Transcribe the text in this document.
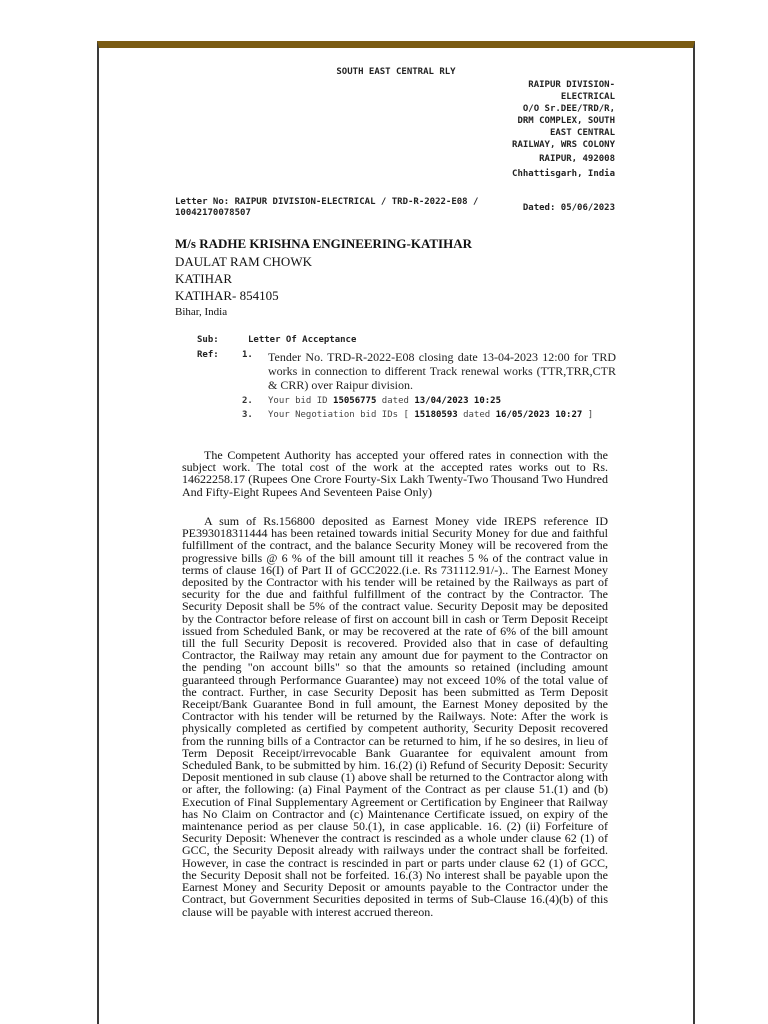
SOUTH EAST CENTRAL RLY
RAIPUR DIVISION-
ELECTRICAL
O/O Sr.DEE/TRD/R,
DRM COMPLEX, SOUTH
EAST CENTRAL
RAILWAY, WRS COLONY
RAIPUR, 492008
Chhattisgarh, India
Letter No: RAIPUR DIVISION-ELECTRICAL / TRD-R-2022-E08 / 10042170078507	Dated: 05/06/2023
M/s RADHE KRISHNA ENGINEERING-KATIHAR
DAULAT RAM CHOWK
KATIHAR
KATIHAR- 854105
Bihar, India
Sub:	Letter Of Acceptance
Ref:	1. Tender No. TRD-R-2022-E08 closing date 13-04-2023 12:00 for TRD works in connection to different Track renewal works (TTR,TRR,CTR & CRR) over Raipur division.
2. Your bid ID 15056775 dated 13/04/2023 10:25
3. Your Negotiation bid IDs [ 15180593 dated 16/05/2023 10:27 ]
The Competent Authority has accepted your offered rates in connection with the subject work. The total cost of the work at the accepted rates works out to Rs. 14622258.17 (Rupees One Crore Fourty-Six Lakh Twenty-Two Thousand Two Hundred And Fifty-Eight Rupees And Seventeen Paise Only)
A sum of Rs.156800 deposited as Earnest Money vide IREPS reference ID PE393018311444 has been retained towards initial Security Money for due and faithful fulfillment of the contract, and the balance Security Money will be recovered from the progressive bills @ 6 % of the bill amount till it reaches 5 % of the contract value in terms of clause 16(I) of Part II of GCC2022.(i.e. Rs 731112.91/-).. The Earnest Money deposited by the Contractor with his tender will be retained by the Railways as part of security for the due and faithful fulfillment of the contract by the Contractor. The Security Deposit shall be 5% of the contract value. Security Deposit may be deposited by the Contractor before release of first on account bill in cash or Term Deposit Receipt issued from Scheduled Bank, or may be recovered at the rate of 6% of the bill amount till the full Security Deposit is recovered. Provided also that in case of defaulting Contractor, the Railway may retain any amount due for payment to the Contractor on the pending "on account bills" so that the amounts so retained (including amount guaranteed through Performance Guarantee) may not exceed 10% of the total value of the contract. Further, in case Security Deposit has been submitted as Term Deposit Receipt/Bank Guarantee Bond in full amount, the Earnest Money deposited by the Contractor with his tender will be returned by the Railways. Note: After the work is physically completed as certified by competent authority, Security Deposit recovered from the running bills of a Contractor can be returned to him, if he so desires, in lieu of Term Deposit Receipt/irrevocable Bank Guarantee for equivalent amount from Scheduled Bank, to be submitted by him. 16.(2) (i) Refund of Security Deposit: Security Deposit mentioned in sub clause (1) above shall be returned to the Contractor along with or after, the following: (a) Final Payment of the Contract as per clause 51.(1) and (b) Execution of Final Supplementary Agreement or Certification by Engineer that Railway has No Claim on Contractor and (c) Maintenance Certificate issued, on expiry of the maintenance period as per clause 50.(1), in case applicable. 16. (2) (ii) Forfeiture of Security Deposit: Whenever the contract is rescinded as a whole under clause 62 (1) of GCC, the Security Deposit already with railways under the contract shall be forfeited. However, in case the contract is rescinded in part or parts under clause 62 (1) of GCC, the Security Deposit shall not be forfeited. 16.(3) No interest shall be payable upon the Earnest Money and Security Deposit or amounts payable to the Contractor under the Contract, but Government Securities deposited in terms of Sub-Clause 16.(4)(b) of this clause will be payable with interest accrued thereon.
